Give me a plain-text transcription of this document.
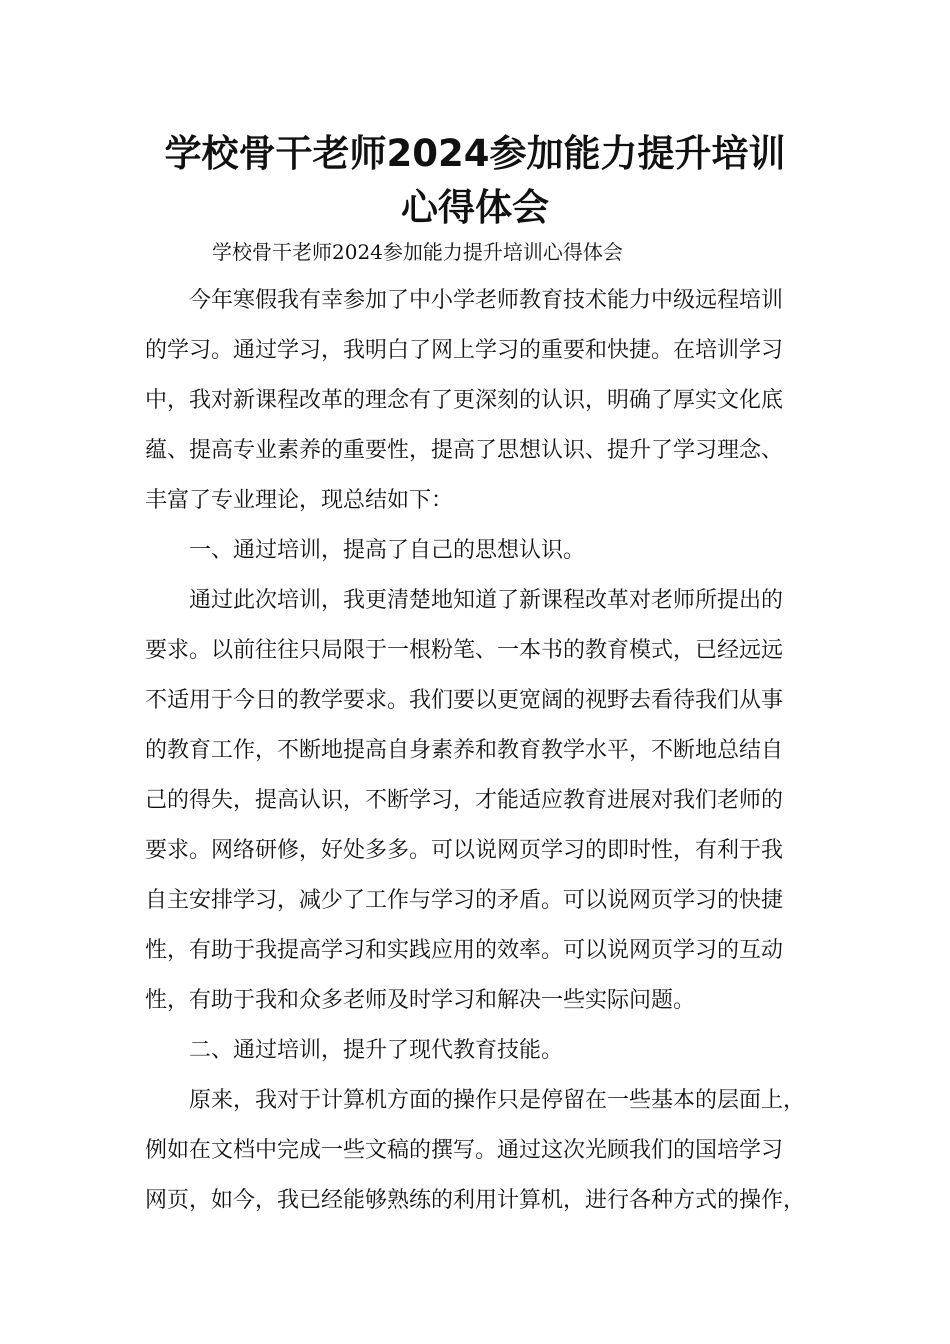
学校骨干老师2024参加能力提升培训
心得体会
学校骨干老师2024参加能力提升培训心得体会
今年寒假我有幸参加了中小学老师教育技术能力中级远程培训
的学习。通过学习，我明白了网上学习的重要和快捷。在培训学习
中，我对新课程改革的理念有了更深刻的认识，明确了厚实文化底
蕴、提高专业素养的重要性，提高了思想认识、提升了学习理念、
丰富了专业理论，现总结如下：
一、通过培训，提高了自己的思想认识。
通过此次培训，我更清楚地知道了新课程改革对老师所提出的
要求。以前往往只局限于一根粉笔、一本书的教育模式，已经远远
不适用于今日的教学要求。我们要以更宽阔的视野去看待我们从事
的教育工作，不断地提高自身素养和教育教学水平，不断地总结自
己的得失，提高认识，不断学习，才能适应教育进展对我们老师的
要求。网络研修，好处多多。可以说网页学习的即时性，有利于我
自主安排学习，减少了工作与学习的矛盾。可以说网页学习的快捷
性，有助于我提高学习和实践应用的效率。可以说网页学习的互动
性，有助于我和众多老师及时学习和解决一些实际问题。
二、通过培训，提升了现代教育技能。
原来，我对于计算机方面的操作只是停留在一些基本的层面上，
例如在文档中完成一些文稿的撰写。通过这次光顾我们的国培学习
网页，如今，我已经能够熟练的利用计算机，进行各种方式的操作，
